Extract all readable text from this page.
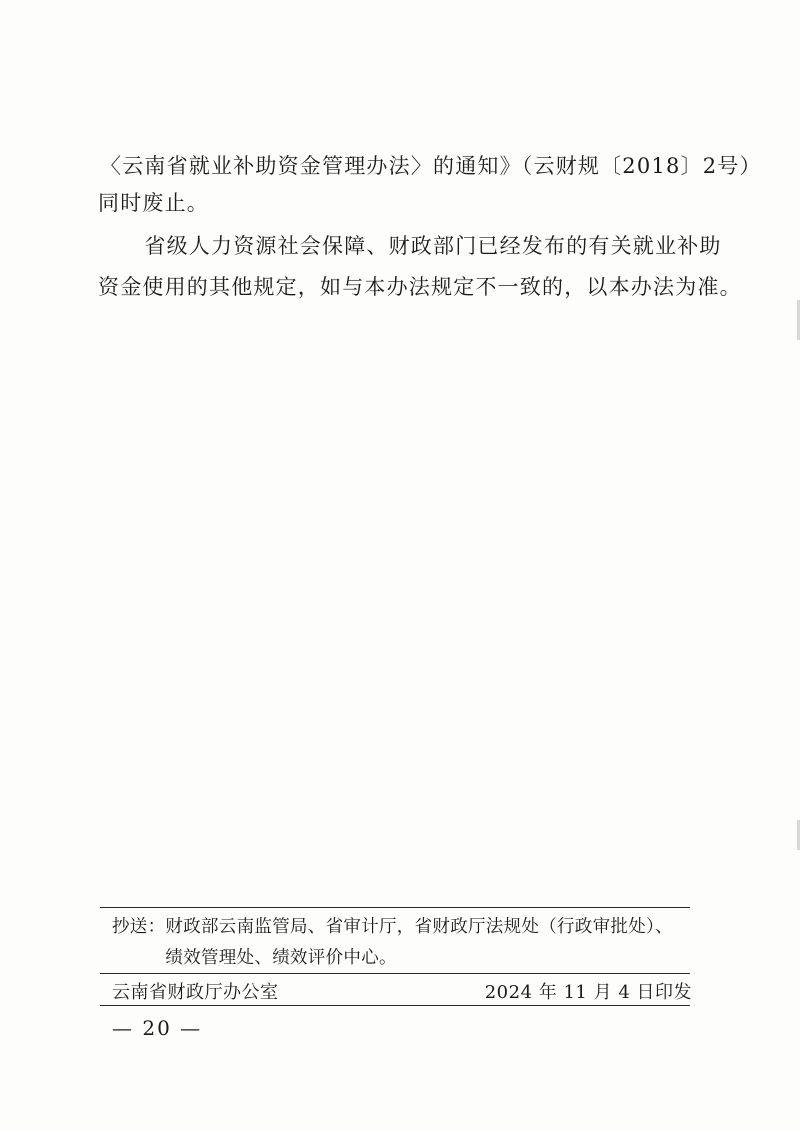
〈云南省就业补助资金管理办法〉的通知》（云财规〔2018〕2号）
同时废止。
　　省级人力资源社会保障、财政部门已经发布的有关就业补助
资金使用的其他规定，如与本办法规定不一致的，以本办法为准。
抄送：财政部云南监管局、省审计厅，省财政厅法规处（行政审批处）、
　　　绩效管理处、绩效评价中心。
云南省财政厅办公室	2024 年 11 月 4 日印发
— 20 —
